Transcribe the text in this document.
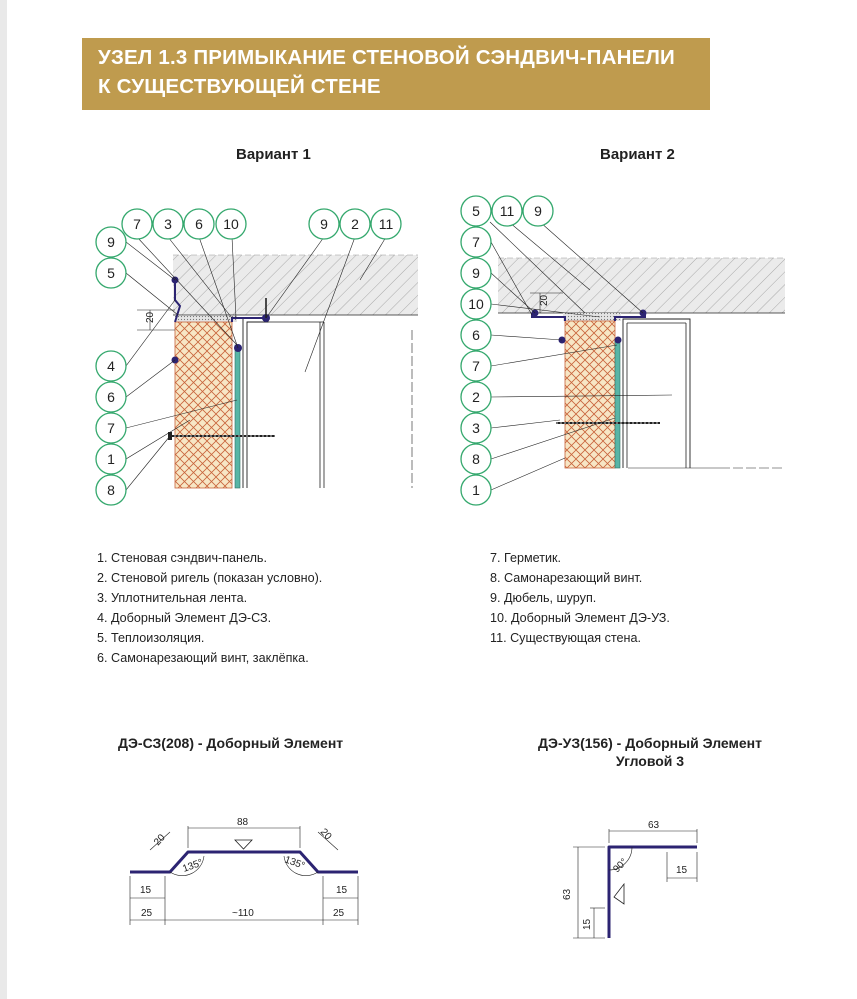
УЗЕЛ 1.3 ПРИМЫКАНИЕ СТЕНОВОЙ СЭНДВИЧ-ПАНЕЛИ
К СУЩЕСТВУЮЩЕЙ СТЕНЕ
Вариант 1	Вариант 2
20
7 3 6 10	9 2 11
9
5
4
6
7
1
8
20
5 11 9
7
9
10
6
7
2
3
8
1
88
20	20
135°	135°
15	15
25	~110	25
63
15
90°
63
15
1. Стеновая сэндвич-панель.
2. Стеновой ригель (показан условно).
3. Уплотнительная лента.
4. Доборный Элемент ДЭ-СЗ.
5. Теплоизоляция.
6. Самонарезающий винт, заклёпка.
7. Герметик.
8. Самонарезающий винт.
9. Дюбель, шуруп.
10. Доборный Элемент ДЭ-УЗ.
11. Существующая стена.
ДЭ-СЗ(208) - Доборный Элемент	ДЭ-УЗ(156) - Доборный Элемент
Угловой 3
